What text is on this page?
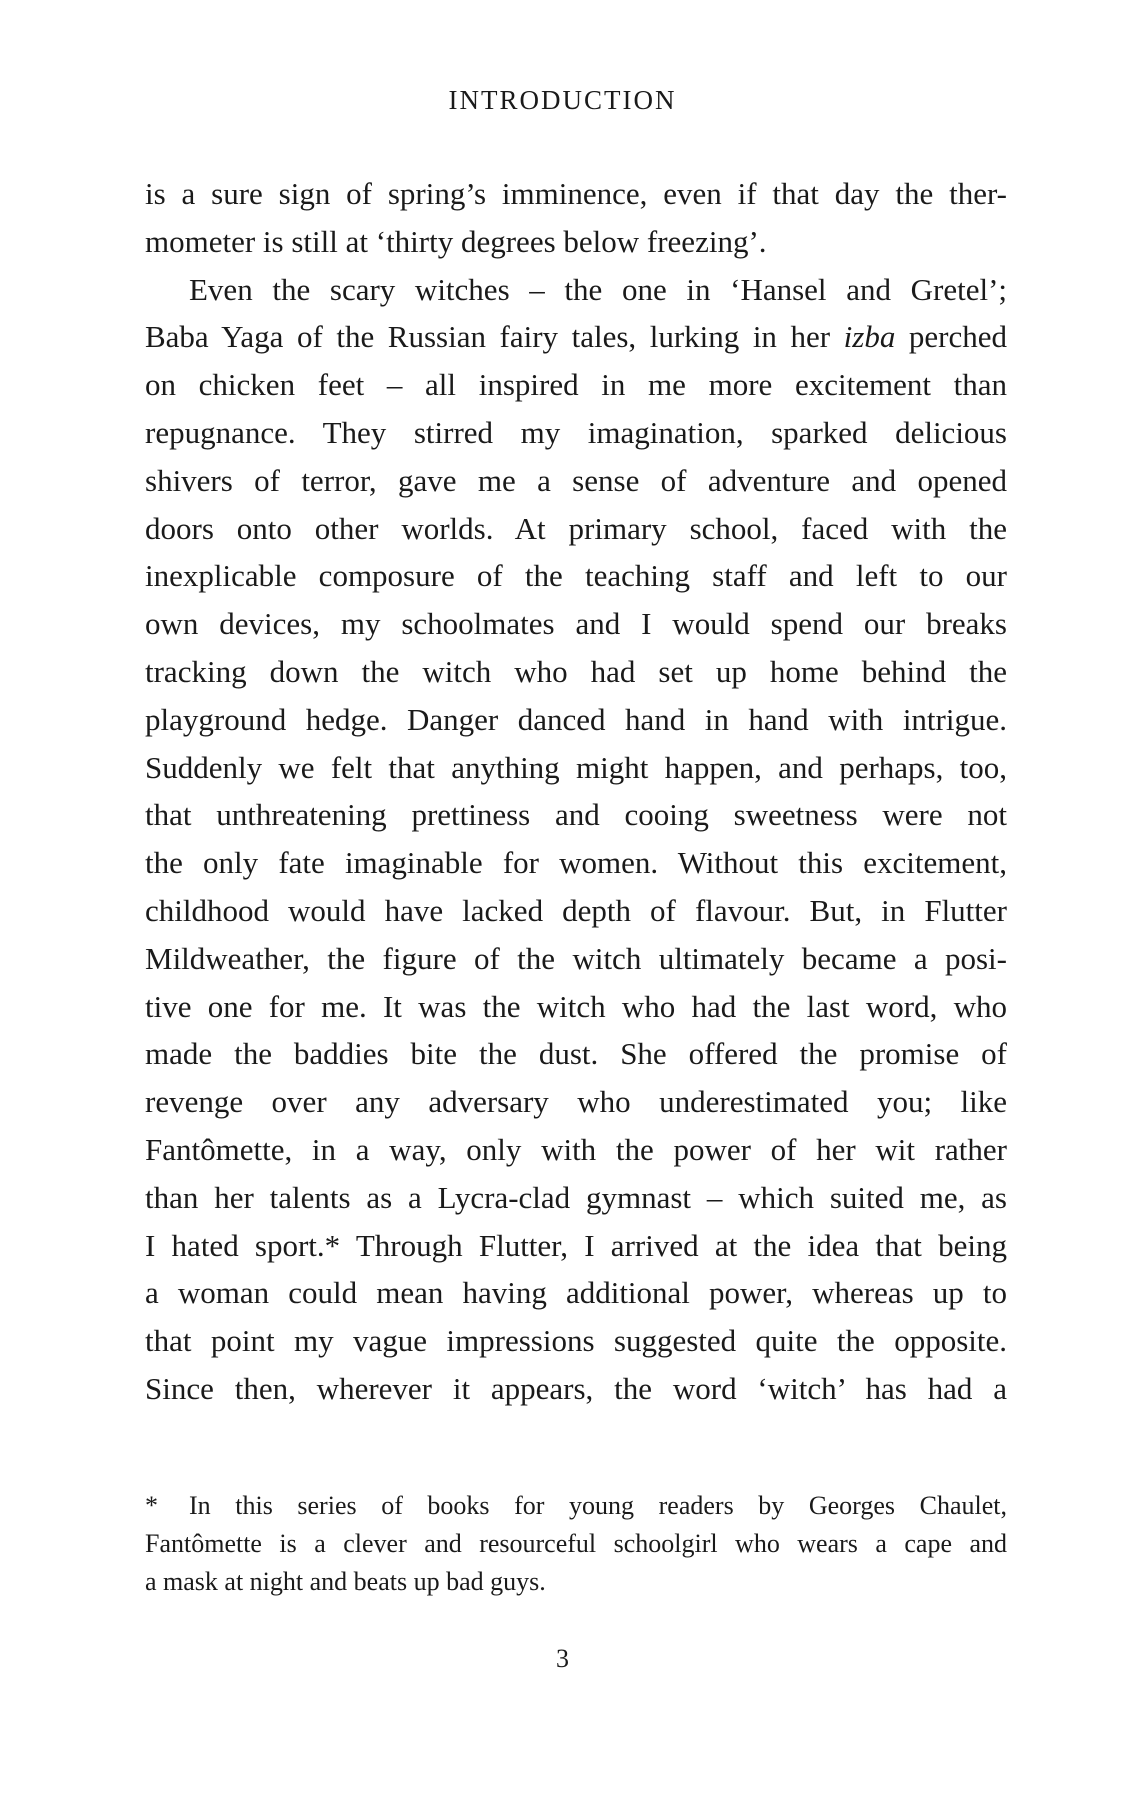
INTRODUCTION
is a sure sign of spring’s imminence, even if that day the ther-
mometer is still at ‘thirty degrees below freezing’.
Even the scary witches – the one in ‘Hansel and Gretel’;
Baba Yaga of the Russian fairy tales, lurking in her izba perched
on chicken feet – all inspired in me more excitement than
repugnance. They stirred my imagination, sparked delicious
shivers of terror, gave me a sense of adventure and opened
doors onto other worlds. At primary school, faced with the
inexplicable composure of the teaching staff and left to our
own devices, my schoolmates and I would spend our breaks
tracking down the witch who had set up home behind the
playground hedge. Danger danced hand in hand with intrigue.
Suddenly we felt that anything might happen, and perhaps, too,
that unthreatening prettiness and cooing sweetness were not
the only fate imaginable for women. Without this excitement,
childhood would have lacked depth of flavour. But, in Flutter
Mildweather, the figure of the witch ultimately became a posi-
tive one for me. It was the witch who had the last word, who
made the baddies bite the dust. She offered the promise of
revenge over any adversary who underestimated you; like
Fantômette, in a way, only with the power of her wit rather
than her talents as a Lycra-clad gymnast – which suited me, as
I hated sport.* Through Flutter, I arrived at the idea that being
a woman could mean having additional power, whereas up to
that point my vague impressions suggested quite the opposite.
Since then, wherever it appears, the word ‘witch’ has had a
* In this series of books for young readers by Georges Chaulet,
Fantômette is a clever and resourceful schoolgirl who wears a cape and
a mask at night and beats up bad guys.
3
